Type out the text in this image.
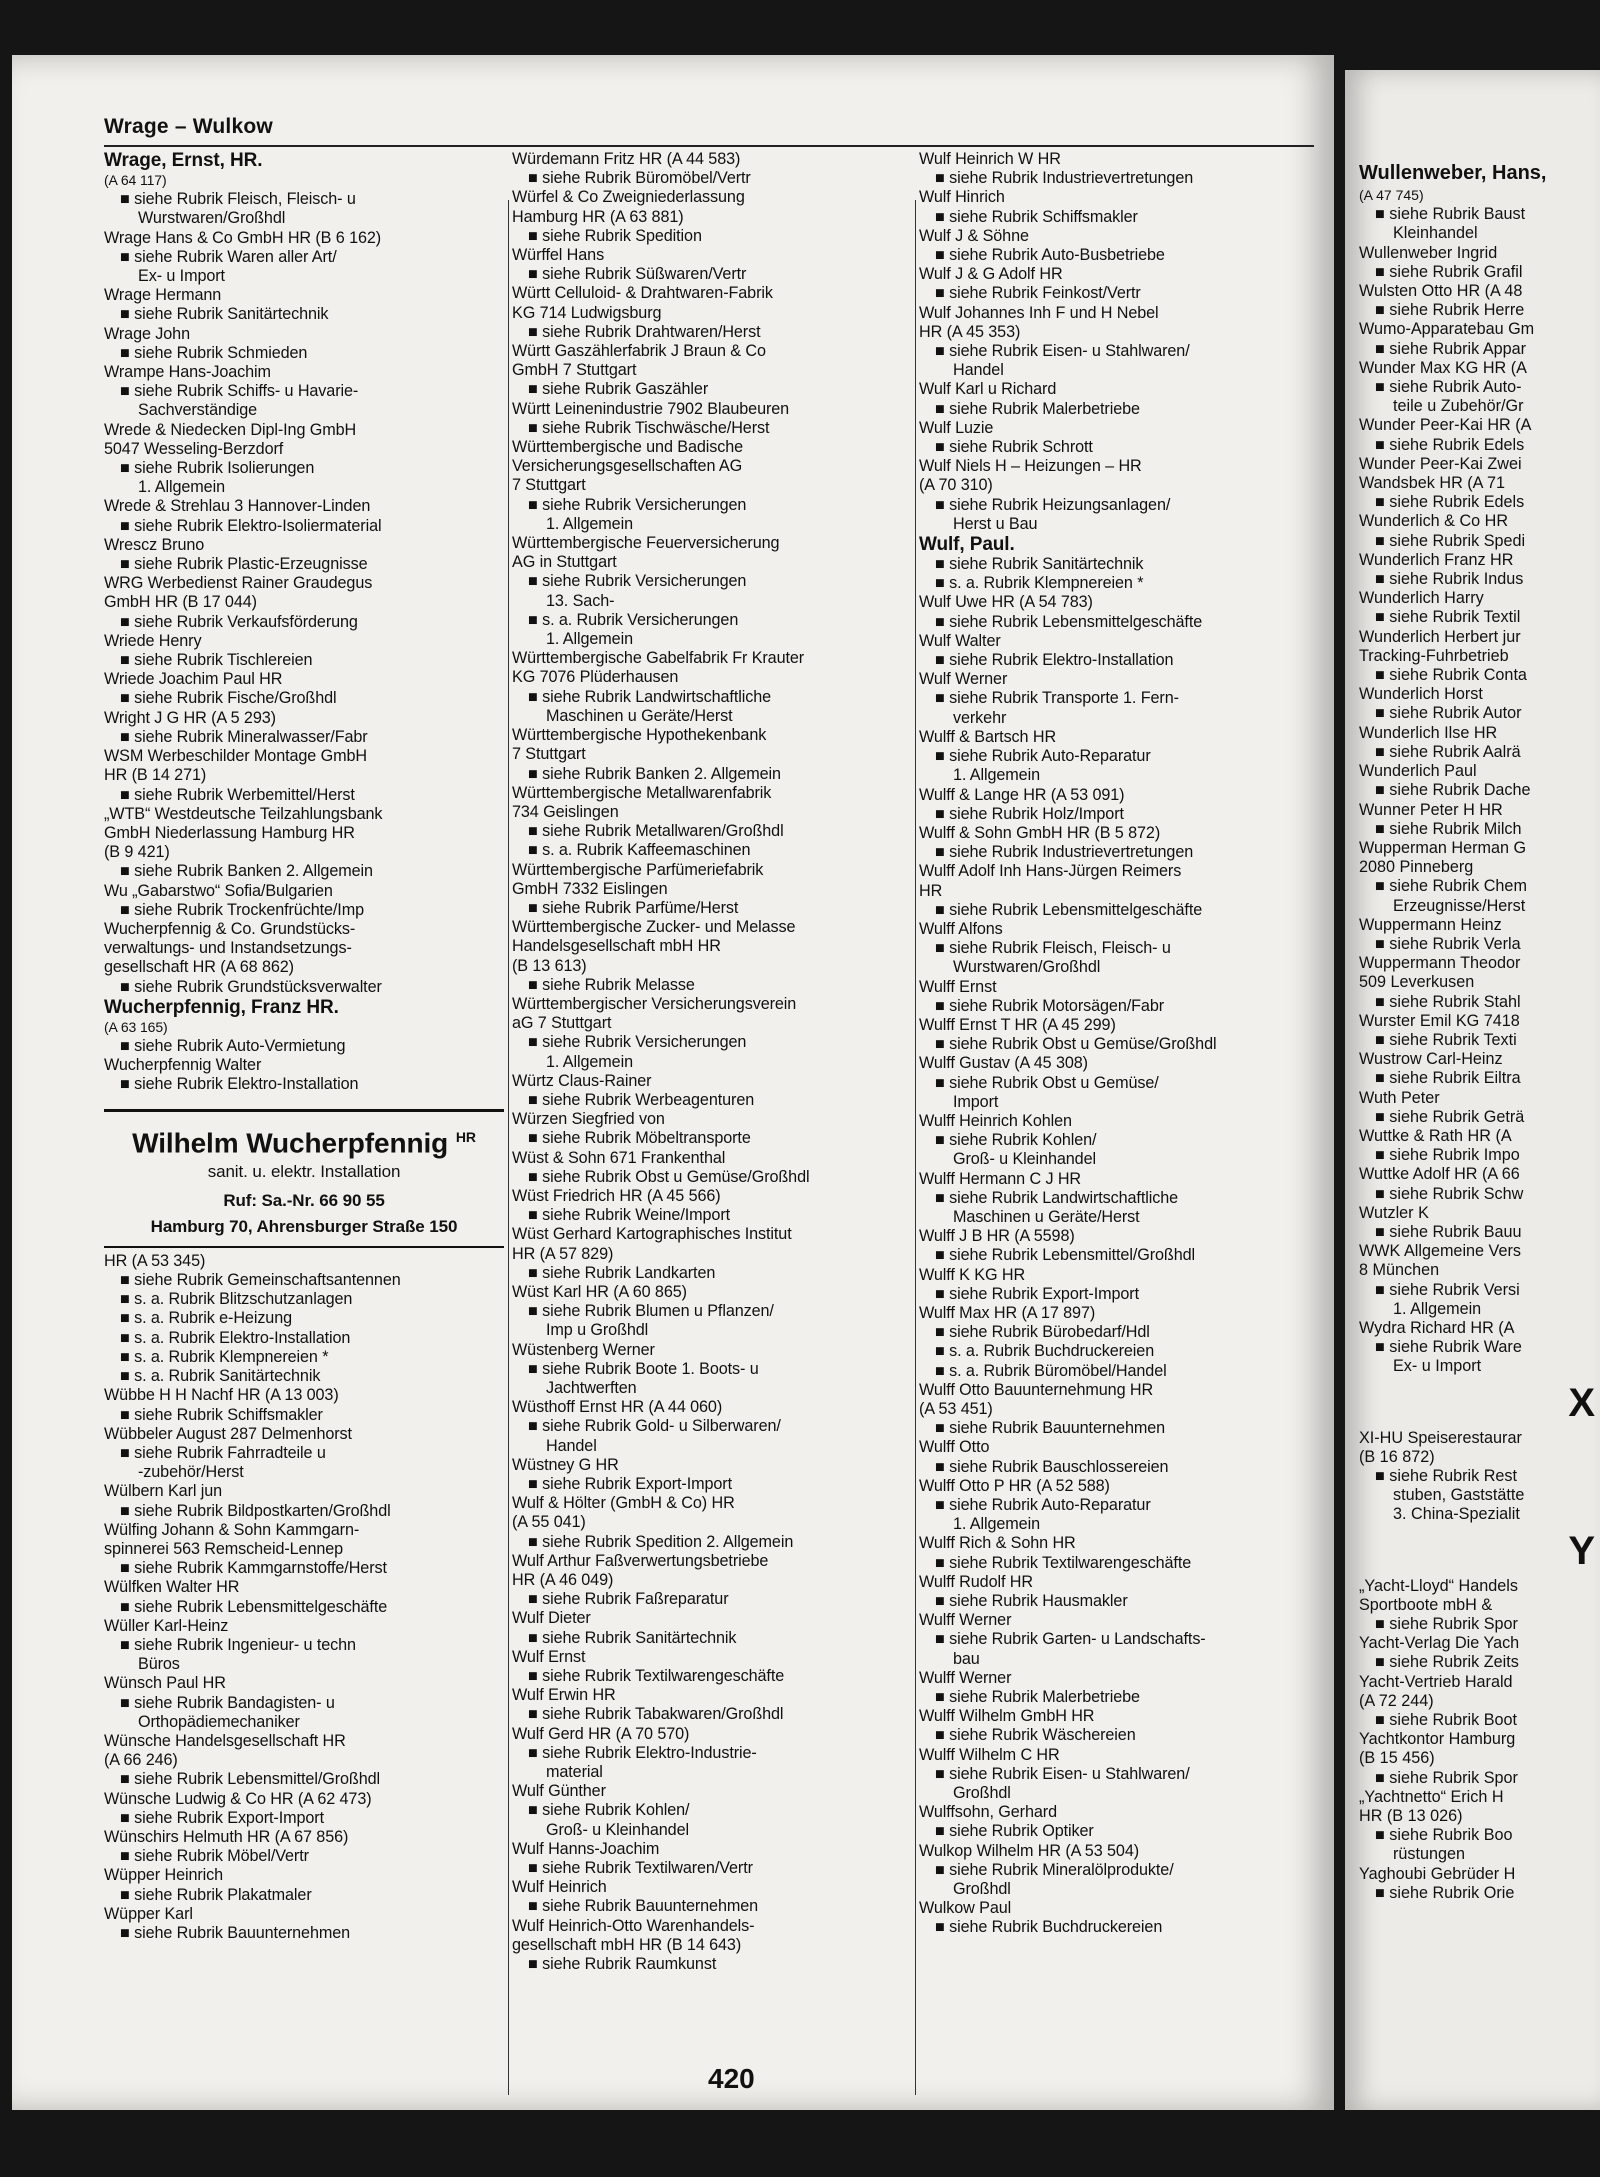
Wrage – Wulkow
Wrage, Ernst, HR.
(A 64 117)
■ siehe Rubrik Fleisch, Fleisch- u
Wurstwaren/Großhdl
Wrage Hans & Co GmbH HR (B 6 162)
■ siehe Rubrik Waren aller Art/
Ex- u Import
Wrage Hermann
■ siehe Rubrik Sanitärtechnik
Wrage John
■ siehe Rubrik Schmieden
Wrampe Hans-Joachim
■ siehe Rubrik Schiffs- u Havarie-
Sachverständige
Wrede & Niedecken Dipl-Ing GmbH
5047 Wesseling-Berzdorf
■ siehe Rubrik Isolierungen
1. Allgemein
Wrede & Strehlau 3 Hannover-Linden
■ siehe Rubrik Elektro-Isoliermaterial
Wrescz Bruno
■ siehe Rubrik Plastic-Erzeugnisse
WRG Werbedienst Rainer Graudegus
GmbH HR (B 17 044)
■ siehe Rubrik Verkaufsförderung
Wriede Henry
■ siehe Rubrik Tischlereien
Wriede Joachim Paul HR
■ siehe Rubrik Fische/Großhdl
Wright J G HR (A 5 293)
■ siehe Rubrik Mineralwasser/Fabr
WSM Werbeschilder Montage GmbH
HR (B 14 271)
■ siehe Rubrik Werbemittel/Herst
„WTB“ Westdeutsche Teilzahlungsbank
GmbH Niederlassung Hamburg HR
(B 9 421)
■ siehe Rubrik Banken 2. Allgemein
Wu „Gabarstwo“ Sofia/Bulgarien
■ siehe Rubrik Trockenfrüchte/Imp
Wucherpfennig & Co. Grundstücks-
verwaltungs- und Instandsetzungs-
gesellschaft HR (A 68 862)
■ siehe Rubrik Grundstücksverwalter
Wucherpfennig, Franz HR.
(A 63 165)
■ siehe Rubrik Auto-Vermietung
Wucherpfennig Walter
■ siehe Rubrik Elektro-Installation
Wilhelm Wucherpfennig $^{HR}$
sanit. u. elektr. Installation
Ruf: Sa.-Nr. 66 90 55
Hamburg 70, Ahrensburger Straße 150
HR (A 53 345)
■ siehe Rubrik Gemeinschaftsantennen
■ s. a. Rubrik Blitzschutzanlagen
■ s. a. Rubrik e-Heizung
■ s. a. Rubrik Elektro-Installation
■ s. a. Rubrik Klempnereien *
■ s. a. Rubrik Sanitärtechnik
Wübbe H H Nachf HR (A 13 003)
■ siehe Rubrik Schiffsmakler
Wübbeler August 287 Delmenhorst
■ siehe Rubrik Fahrradteile u
-zubehör/Herst
Wülbern Karl jun
■ siehe Rubrik Bildpostkarten/Großhdl
Wülfing Johann & Sohn Kammgarn-
spinnerei 563 Remscheid-Lennep
■ siehe Rubrik Kammgarnstoffe/Herst
Wülfken Walter HR
■ siehe Rubrik Lebensmittelgeschäfte
Wüller Karl-Heinz
■ siehe Rubrik Ingenieur- u techn
Büros
Wünsch Paul HR
■ siehe Rubrik Bandagisten- u
Orthopädiemechaniker
Wünsche Handelsgesellschaft HR
(A 66 246)
■ siehe Rubrik Lebensmittel/Großhdl
Wünsche Ludwig & Co HR (A 62 473)
■ siehe Rubrik Export-Import
Wünschirs Helmuth HR (A 67 856)
■ siehe Rubrik Möbel/Vertr
Wüpper Heinrich
■ siehe Rubrik Plakatmaler
Wüpper Karl
■ siehe Rubrik Bauunternehmen
Würdemann Fritz HR (A 44 583)
■ siehe Rubrik Büromöbel/Vertr
Würfel & Co Zweigniederlassung
Hamburg HR (A 63 881)
■ siehe Rubrik Spedition
Würffel Hans
■ siehe Rubrik Süßwaren/Vertr
Württ Celluloid- & Drahtwaren-Fabrik
KG 714 Ludwigsburg
■ siehe Rubrik Drahtwaren/Herst
Württ Gaszählerfabrik J Braun & Co
GmbH 7 Stuttgart
■ siehe Rubrik Gaszähler
Württ Leinenindustrie 7902 Blaubeuren
■ siehe Rubrik Tischwäsche/Herst
Württembergische und Badische
Versicherungsgesellschaften AG
7 Stuttgart
■ siehe Rubrik Versicherungen
1. Allgemein
Württembergische Feuerversicherung
AG in Stuttgart
■ siehe Rubrik Versicherungen
13. Sach-
■ s. a. Rubrik Versicherungen
1. Allgemein
Württembergische Gabelfabrik Fr Krauter
KG 7076 Plüderhausen
■ siehe Rubrik Landwirtschaftliche
Maschinen u Geräte/Herst
Württembergische Hypothekenbank
7 Stuttgart
■ siehe Rubrik Banken 2. Allgemein
Württembergische Metallwarenfabrik
734 Geislingen
■ siehe Rubrik Metallwaren/Großhdl
■ s. a. Rubrik Kaffeemaschinen
Württembergische Parfümeriefabrik
GmbH 7332 Eislingen
■ siehe Rubrik Parfüme/Herst
Württembergische Zucker- und Melasse
Handelsgesellschaft mbH HR
(B 13 613)
■ siehe Rubrik Melasse
Württembergischer Versicherungsverein
aG 7 Stuttgart
■ siehe Rubrik Versicherungen
1. Allgemein
Würtz Claus-Rainer
■ siehe Rubrik Werbeagenturen
Würzen Siegfried von
■ siehe Rubrik Möbeltransporte
Wüst & Sohn 671 Frankenthal
■ siehe Rubrik Obst u Gemüse/Großhdl
Wüst Friedrich HR (A 45 566)
■ siehe Rubrik Weine/Import
Wüst Gerhard Kartographisches Institut
HR (A 57 829)
■ siehe Rubrik Landkarten
Wüst Karl HR (A 60 865)
■ siehe Rubrik Blumen u Pflanzen/
Imp u Großhdl
Wüstenberg Werner
■ siehe Rubrik Boote 1. Boots- u
Jachtwerften
Wüsthoff Ernst HR (A 44 060)
■ siehe Rubrik Gold- u Silberwaren/
Handel
Wüstney G HR
■ siehe Rubrik Export-Import
Wulf & Hölter (GmbH & Co) HR
(A 55 041)
■ siehe Rubrik Spedition 2. Allgemein
Wulf Arthur Faßverwertungsbetriebe
HR (A 46 049)
■ siehe Rubrik Faßreparatur
Wulf Dieter
■ siehe Rubrik Sanitärtechnik
Wulf Ernst
■ siehe Rubrik Textilwarengeschäfte
Wulf Erwin HR
■ siehe Rubrik Tabakwaren/Großhdl
Wulf Gerd HR (A 70 570)
■ siehe Rubrik Elektro-Industrie-
material
Wulf Günther
■ siehe Rubrik Kohlen/
Groß- u Kleinhandel
Wulf Hanns-Joachim
■ siehe Rubrik Textilwaren/Vertr
Wulf Heinrich
■ siehe Rubrik Bauunternehmen
Wulf Heinrich-Otto Warenhandels-
gesellschaft mbH HR (B 14 643)
■ siehe Rubrik Raumkunst
Wulf Heinrich W HR
■ siehe Rubrik Industrievertretungen
Wulf Hinrich
■ siehe Rubrik Schiffsmakler
Wulf J & Söhne
■ siehe Rubrik Auto-Busbetriebe
Wulf J & G Adolf HR
■ siehe Rubrik Feinkost/Vertr
Wulf Johannes Inh F und H Nebel
HR (A 45 353)
■ siehe Rubrik Eisen- u Stahlwaren/
Handel
Wulf Karl u Richard
■ siehe Rubrik Malerbetriebe
Wulf Luzie
■ siehe Rubrik Schrott
Wulf Niels H – Heizungen – HR
(A 70 310)
■ siehe Rubrik Heizungsanlagen/
Herst u Bau
Wulf, Paul.
■ siehe Rubrik Sanitärtechnik
■ s. a. Rubrik Klempnereien *
Wulf Uwe HR (A 54 783)
■ siehe Rubrik Lebensmittelgeschäfte
Wulf Walter
■ siehe Rubrik Elektro-Installation
Wulf Werner
■ siehe Rubrik Transporte 1. Fern-
verkehr
Wulff & Bartsch HR
■ siehe Rubrik Auto-Reparatur
1. Allgemein
Wulff & Lange HR (A 53 091)
■ siehe Rubrik Holz/Import
Wulff & Sohn GmbH HR (B 5 872)
■ siehe Rubrik Industrievertretungen
Wulff Adolf Inh Hans-Jürgen Reimers
HR
■ siehe Rubrik Lebensmittelgeschäfte
Wulff Alfons
■ siehe Rubrik Fleisch, Fleisch- u
Wurstwaren/Großhdl
Wulff Ernst
■ siehe Rubrik Motorsägen/Fabr
Wulff Ernst T HR (A 45 299)
■ siehe Rubrik Obst u Gemüse/Großhdl
Wulff Gustav (A 45 308)
■ siehe Rubrik Obst u Gemüse/
Import
Wulff Heinrich Kohlen
■ siehe Rubrik Kohlen/
Groß- u Kleinhandel
Wulff Hermann C J HR
■ siehe Rubrik Landwirtschaftliche
Maschinen u Geräte/Herst
Wulff J B HR (A 5598)
■ siehe Rubrik Lebensmittel/Großhdl
Wulff K KG HR
■ siehe Rubrik Export-Import
Wulff Max HR (A 17 897)
■ siehe Rubrik Bürobedarf/Hdl
■ s. a. Rubrik Buchdruckereien
■ s. a. Rubrik Büromöbel/Handel
Wulff Otto Bauunternehmung HR
(A 53 451)
■ siehe Rubrik Bauunternehmen
Wulff Otto
■ siehe Rubrik Bauschlossereien
Wulff Otto P HR (A 52 588)
■ siehe Rubrik Auto-Reparatur
1. Allgemein
Wulff Rich & Sohn HR
■ siehe Rubrik Textilwarengeschäfte
Wulff Rudolf HR
■ siehe Rubrik Hausmakler
Wulff Werner
■ siehe Rubrik Garten- u Landschafts-
bau
Wulff Werner
■ siehe Rubrik Malerbetriebe
Wulff Wilhelm GmbH HR
■ siehe Rubrik Wäschereien
Wulff Wilhelm C HR
■ siehe Rubrik Eisen- u Stahlwaren/
Großhdl
Wulffsohn, Gerhard
■ siehe Rubrik Optiker
Wulkop Wilhelm HR (A 53 504)
■ siehe Rubrik Mineralölprodukte/
Großhdl
Wulkow Paul
■ siehe Rubrik Buchdruckereien
420
Wullenweber, Hans,
(A 47 745)
■ siehe Rubrik Baust
Kleinhandel
Wullenweber Ingrid
■ siehe Rubrik Grafil
Wulsten Otto HR (A 48
■ siehe Rubrik Herre
Wumo-Apparatebau Gm
■ siehe Rubrik Appar
Wunder Max KG HR (A
■ siehe Rubrik Auto-
teile u Zubehör/Gr
Wunder Peer-Kai HR (A
■ siehe Rubrik Edels
Wunder Peer-Kai Zwei
Wandsbek HR (A 71
■ siehe Rubrik Edels
Wunderlich & Co HR
■ siehe Rubrik Spedi
Wunderlich Franz HR
■ siehe Rubrik Indus
Wunderlich Harry
■ siehe Rubrik Textil
Wunderlich Herbert jur
Tracking-Fuhrbetrieb
■ siehe Rubrik Conta
Wunderlich Horst
■ siehe Rubrik Autor
Wunderlich Ilse HR
■ siehe Rubrik Aalrä
Wunderlich Paul
■ siehe Rubrik Dache
Wunner Peter H HR
■ siehe Rubrik Milch
Wupperman Herman G
2080 Pinneberg
■ siehe Rubrik Chem
Erzeugnisse/Herst
Wuppermann Heinz
■ siehe Rubrik Verla
Wuppermann Theodor
509 Leverkusen
■ siehe Rubrik Stahl
Wurster Emil KG 7418
■ siehe Rubrik Texti
Wustrow Carl-Heinz
■ siehe Rubrik Eiltra
Wuth Peter
■ siehe Rubrik Geträ
Wuttke & Rath HR (A
■ siehe Rubrik Impo
Wuttke Adolf HR (A 66
■ siehe Rubrik Schw
Wutzler K
■ siehe Rubrik Bauu
WWK Allgemeine Vers
8 München
■ siehe Rubrik Versi
1. Allgemein
Wydra Richard HR (A
■ siehe Rubrik Ware
Ex- u Import
X
XI-HU Speiserestaurar
(B 16 872)
■ siehe Rubrik Rest
stuben, Gaststätte
3. China-Spezialit
Y
„Yacht-Lloyd“ Handels
Sportboote mbH &
■ siehe Rubrik Spor
Yacht-Verlag Die Yach
■ siehe Rubrik Zeits
Yacht-Vertrieb Harald
(A 72 244)
■ siehe Rubrik Boot
Yachtkontor Hamburg
(B 15 456)
■ siehe Rubrik Spor
„Yachtnetto“ Erich H
HR (B 13 026)
■ siehe Rubrik Boo
rüstungen
Yaghoubi Gebrüder H
■ siehe Rubrik Orie
